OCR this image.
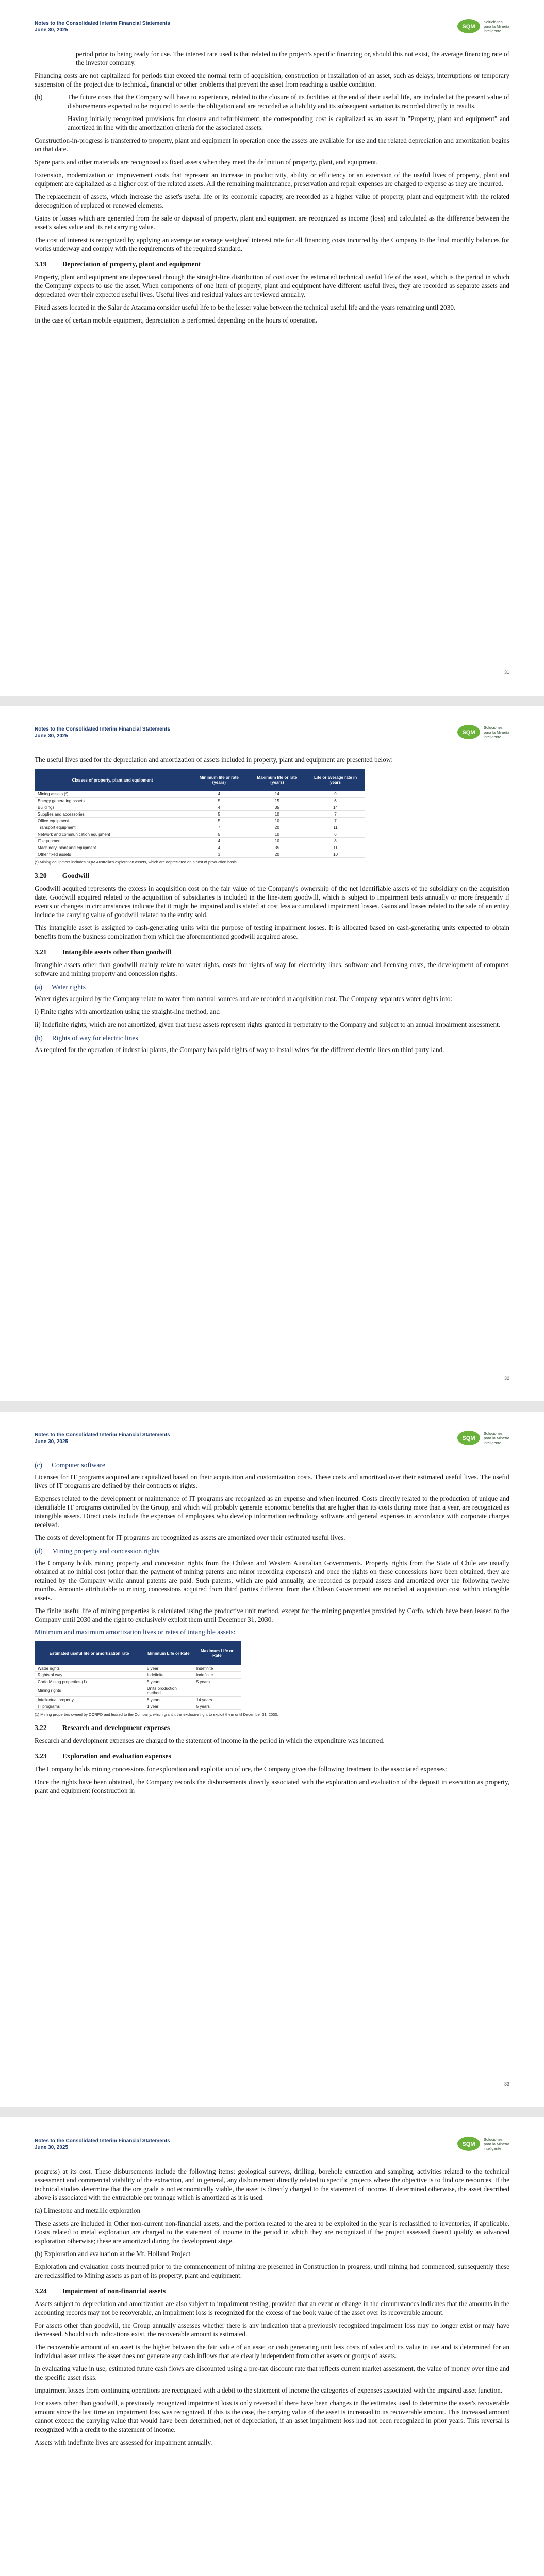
Notes to the Consolidated Interim Financial Statements
June 30, 2025
SQM
Soluciones
para la Minería
inteligente

period prior to being ready for use. The interest rate used is that related to the project's specific financing or, should this not exist, the average financing rate of the investor company.

Financing costs are not capitalized for periods that exceed the normal term of acquisition, construction or installation of an asset, such as delays, interruptions or temporary suspension of the project due to technical, financial or other problems that prevent the asset from reaching a usable condition.

(b)	The future costs that the Company will have to experience, related to the closure of its facilities at the end of their useful life, are included at the present value of disbursements expected to be required to settle the obligation and are recorded as a liability and its subsequent variation is recorded directly in results.

Having initially recognized provisions for closure and refurbishment, the corresponding cost is capitalized as an asset in "Property, plant and equipment" and amortized in line with the amortization criteria for the associated assets.

Construction-in-progress is transferred to property, plant and equipment in operation once the assets are available for use and the related depreciation and amortization begins on that date.

Spare parts and other materials are recognized as fixed assets when they meet the definition of property, plant, and equipment.

Extension, modernization or improvement costs that represent an increase in productivity, ability or efficiency or an extension of the useful lives of property, plant and equipment are capitalized as a higher cost of the related assets. All the remaining maintenance, preservation and repair expenses are charged to expense as they are incurred.

The replacement of assets, which increase the asset's useful life or its economic capacity, are recorded as a higher value of property, plant and equipment with the related derecognition of replaced or renewed elements.

Gains or losses which are generated from the sale or disposal of property, plant and equipment are recognized as income (loss) and calculated as the difference between the asset's sales value and its net carrying value.

The cost of interest is recognized by applying an average or average weighted interest rate for all financing costs incurred by the Company to the final monthly balances for works underway and comply with the requirements of the required standard.

3.19 Depreciation of property, plant and equipment

Property, plant and equipment are depreciated through the straight-line distribution of cost over the estimated technical useful life of the asset, which is the period in which the Company expects to use the asset. When components of one item of property, plant and equipment have different useful lives, they are recorded as separate assets and depreciated over their expected useful lives. Useful lives and residual values are reviewed annually.

Fixed assets located in the Salar de Atacama consider useful life to be the lesser value between the technical useful life and the years remaining until 2030.

In the case of certain mobile equipment, depreciation is performed depending on the hours of operation.

31
Notes to the Consolidated Interim Financial Statements
June 30, 2025
SQM
Soluciones
para la Minería
inteligente

The useful lives used for the depreciation and amortization of assets included in property, plant and equipment are presented below:

Classes of property, plant and equipment	Minimum life or rate (years)	Maximum life or rate (years)	Life or average rate in years
Mining assets (*)	4	14	9
Energy generating assets	5	15	6
Buildings	4	35	14
Supplies and accessories	5	10	7
Office equipment	5	10	7
Transport equipment	7	20	11
Network and communication equipment	5	10	6
IT equipment	4	10	8
Machinery, plant and equipment	4	35	11
Other fixed assets	3	20	10
(*) Mining equipment includes SQM Australia's exploration assets, which are depreciated on a cost of production basis.
3.20 Goodwill

Goodwill acquired represents the excess in acquisition cost on the fair value of the Company's ownership of the net identifiable assets of the subsidiary on the acquisition date. Goodwill acquired related to the acquisition of subsidiaries is included in the line-item goodwill, which is subject to impairment tests annually or more frequently if events or changes in circumstances indicate that it might be impaired and is stated at cost less accumulated impairment losses. Gains and losses related to the sale of an entity include the carrying value of goodwill related to the entity sold.

This intangible asset is assigned to cash-generating units with the purpose of testing impairment losses. It is allocated based on cash-generating units expected to obtain benefits from the business combination from which the aforementioned goodwill acquired arose.

3.21 Intangible assets other than goodwill

Intangible assets other than goodwill mainly relate to water rights, costs for rights of way for electricity lines, software and licensing costs, the development of computer software and mining property and concession rights.

(a) Water rights

Water rights acquired by the Company relate to water from natural sources and are recorded at acquisition cost. The Company separates water rights into:

i) Finite rights with amortization using the straight-line method, and

ii) Indefinite rights, which are not amortized, given that these assets represent rights granted in perpetuity to the Company and subject to an annual impairment assessment.

(b) Rights of way for electric lines

As required for the operation of industrial plants, the Company has paid rights of way to install wires for the different electric lines on third party land.

32
Notes to the Consolidated Interim Financial Statements
June 30, 2025
SQM
Soluciones
para la Minería
inteligente
(c) Computer software

Licenses for IT programs acquired are capitalized based on their acquisition and customization costs. These costs and amortized over their estimated useful lives. The useful lives of IT programs are defined by their contracts or rights.

Expenses related to the development or maintenance of IT programs are recognized as an expense and when incurred. Costs directly related to the production of unique and identifiable IT programs controlled by the Group, and which will probably generate economic benefits that are higher than its costs during more than a year, are recognized as intangible assets. Direct costs include the expenses of employees who develop information technology software and general expenses in accordance with corporate charges received.

The costs of development for IT programs are recognized as assets are amortized over their estimated useful lives.

(d) Mining property and concession rights

The Company holds mining property and concession rights from the Chilean and Western Australian Governments. Property rights from the State of Chile are usually obtained at no initial cost (other than the payment of mining patents and minor recording expenses) and once the rights on these concessions have been obtained, they are retained by the Company while annual patents are paid. Such patents, which are paid annually, are recorded as prepaid assets and amortized over the following twelve months. Amounts attributable to mining concessions acquired from third parties different from the Chilean Government are recorded at acquisition cost within intangible assets.

The finite useful life of mining properties is calculated using the productive unit method, except for the mining properties provided by Corfo, which have been leased to the Company until 2030 and the right to exclusively exploit them until December 31, 2030.

Minimum and maximum amortization lives or rates of intangible assets:
Estimated useful life or amortization rate	Minimum Life or Rate	Maximum Life or Rate
Water rights	5 year	Indefinite
Rights of way	Indefinite	Indefinite
Corfo Mining properties (1)	5 years	5 years
Mining rights	Units production method	
Intellectual property	8 years	14 years
IT programs	1 year	5 years
(1) Mining properties owned by CORFO and leased to the Company, which grant it the exclusive right to exploit them until December 31, 2030.
3.22 Research and development expenses

Research and development expenses are charged to the statement of income in the period in which the expenditure was incurred.

3.23 Exploration and evaluation expenses

The Company holds mining concessions for exploration and exploitation of ore, the Company gives the following treatment to the associated expenses:

Once the rights have been obtained, the Company records the disbursements directly associated with the exploration and evaluation of the deposit in execution as property, plant and equipment (construction in

33
Notes to the Consolidated Interim Financial Statements
June 30, 2025
SQM
Soluciones
para la Minería
inteligente

progress) at its cost. These disbursements include the following items: geological surveys, drilling, borehole extraction and sampling, activities related to the technical assessment and commercial viability of the extraction, and in general, any disbursement directly related to specific projects where the objective is to find ore resources. If the technical studies determine that the ore grade is not economically viable, the asset is directly charged to the statement of income. If determined otherwise, the asset described above is associated with the extractable ore tonnage which is amortized as it is used.

(a) Limestone and metallic exploration

These assets are included in Other non-current non-financial assets, and the portion related to the area to be exploited in the year is reclassified to inventories, if applicable. Costs related to metal exploration are charged to the statement of income in the period in which they are recognized if the project assessed doesn't qualify as advanced exploration otherwise; these are amortized during the development stage.

(b) Exploration and evaluation at the Mt. Holland Project

Exploration and evaluation costs incurred prior to the commencement of mining are presented in Construction in progress, until mining had commenced, subsequently these are reclassified to Mining assets as part of its property, plant and equipment.

3.24 Impairment of non-financial assets

Assets subject to depreciation and amortization are also subject to impairment testing, provided that an event or change in the circumstances indicates that the amounts in the accounting records may not be recoverable, an impairment loss is recognized for the excess of the book value of the asset over its recoverable amount.

For assets other than goodwill, the Group annually assesses whether there is any indication that a previously recognized impairment loss may no longer exist or may have decreased. Should such indications exist, the recoverable amount is estimated.

The recoverable amount of an asset is the higher between the fair value of an asset or cash generating unit less costs of sales and its value in use and is determined for an individual asset unless the asset does not generate any cash inflows that are clearly independent from other assets or groups of assets.

In evaluating value in use, estimated future cash flows are discounted using a pre-tax discount rate that reflects current market assessment, the value of money over time and the specific asset risks.

Impairment losses from continuing operations are recognized with a debit to the statement of income the categories of expenses associated with the impaired asset function.

For assets other than goodwill, a previously recognized impairment loss is only reversed if there have been changes in the estimates used to determine the asset's recoverable amount since the last time an impairment loss was recognized. If this is the case, the carrying value of the asset is increased to its recoverable amount. This increased amount cannot exceed the carrying value that would have been determined, net of depreciation, if an asset impairment loss had not been recognized in prior years. This reversal is recognized with a credit to the statement of income.

Assets with indefinite lives are assessed for impairment annually.
